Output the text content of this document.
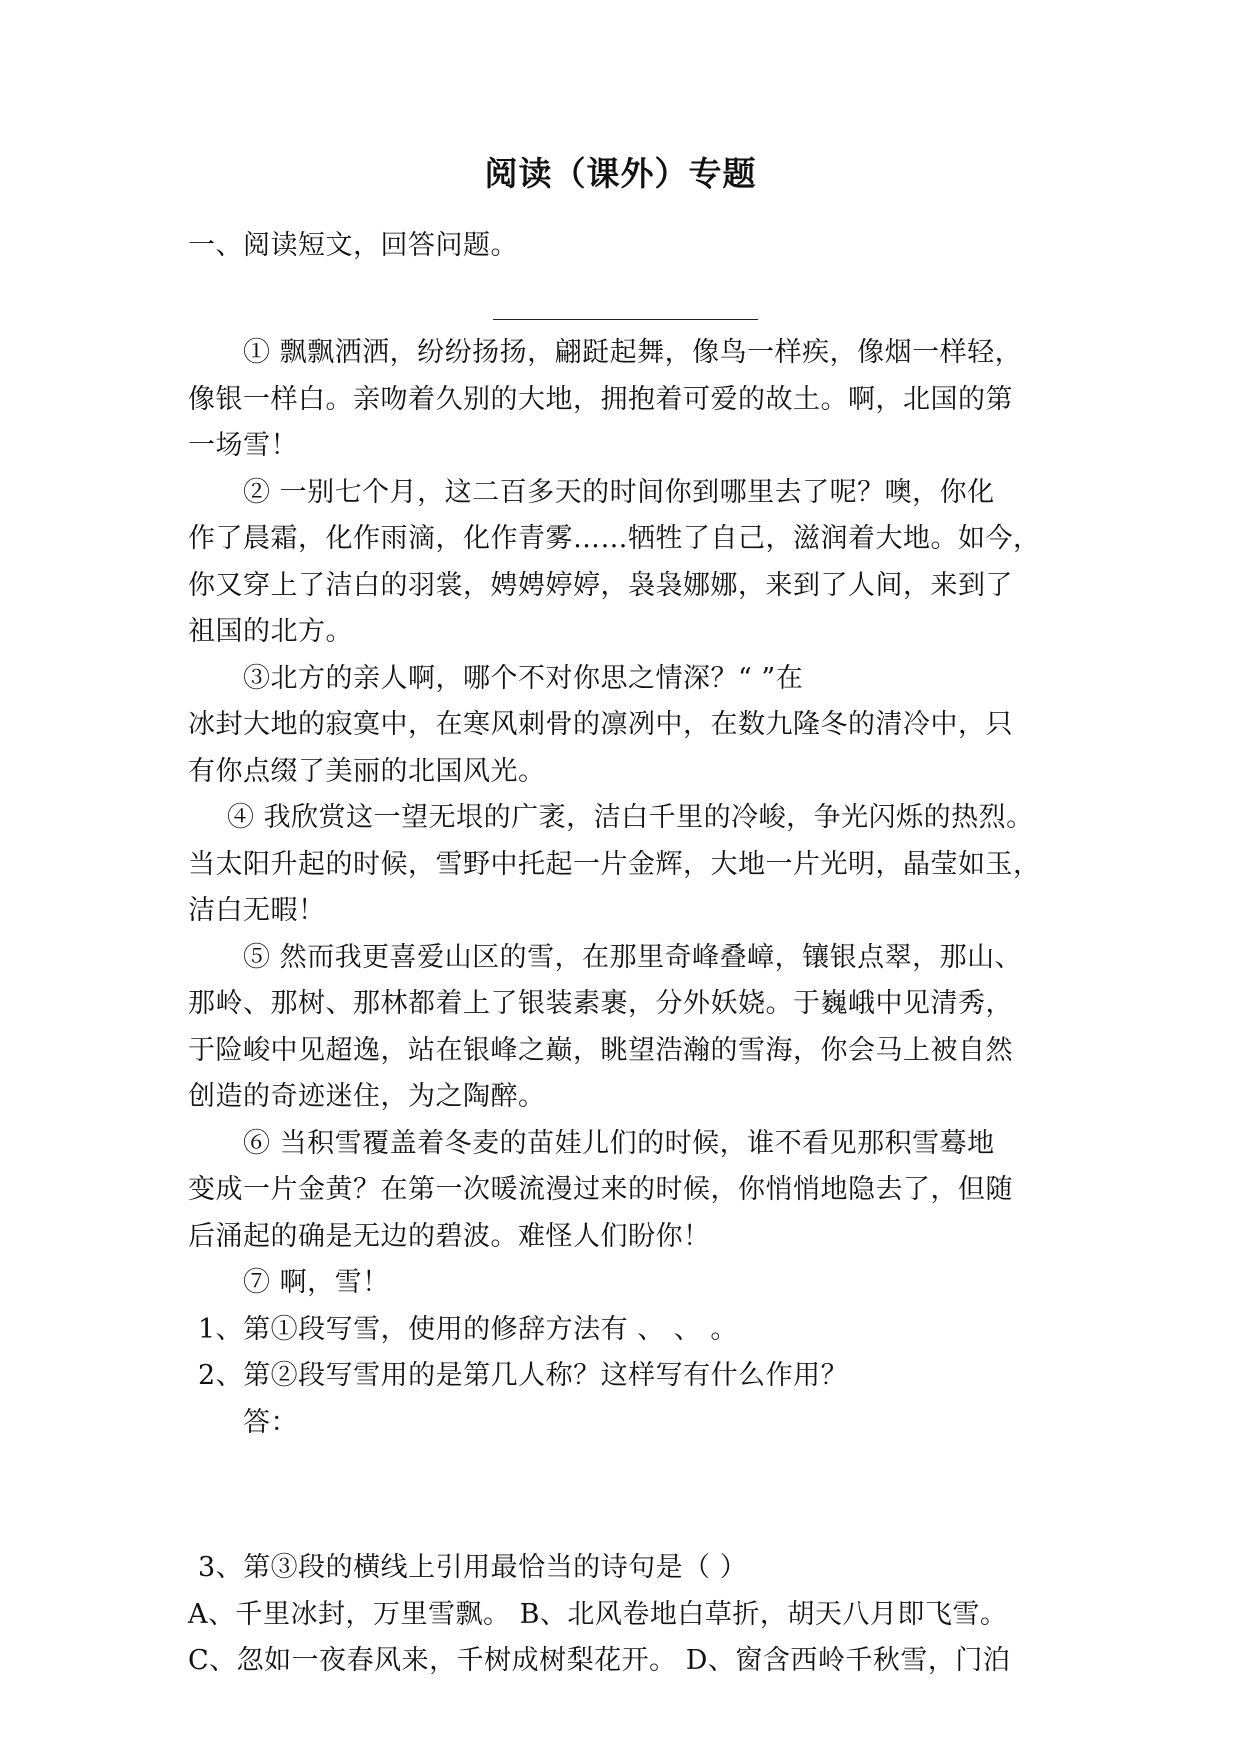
阅读（课外）专题
一、阅读短文，回答问题。
① 飘飘洒洒，纷纷扬扬，翩跹起舞，像鸟一样疾，像烟一样轻，
像银一样白。亲吻着久别的大地，拥抱着可爱的故土。啊，北国的第
一场雪！
② 一别七个月，这二百多天的时间你到哪里去了呢？噢，你化
作了晨霜，化作雨滴，化作青雾……牺牲了自己，滋润着大地。如今，
你又穿上了洁白的羽裳，娉娉婷婷，袅袅娜娜，来到了人间，来到了
祖国的北方。
③北方的亲人啊，哪个不对你思之情深？“ ”在
冰封大地的寂寞中，在寒风刺骨的凛冽中，在数九隆冬的清冷中，只
有你点缀了美丽的北国风光。
④ 我欣赏这一望无垠的广袤，洁白千里的冷峻，争光闪烁的热烈。
当太阳升起的时候，雪野中托起一片金辉，大地一片光明，晶莹如玉，
洁白无暇！
⑤ 然而我更喜爱山区的雪，在那里奇峰叠嶂，镶银点翠，那山、
那岭、那树、那林都着上了银装素裹，分外妖娆。于巍峨中见清秀，
于险峻中见超逸，站在银峰之巅，眺望浩瀚的雪海，你会马上被自然
创造的奇迹迷住，为之陶醉。
⑥ 当积雪覆盖着冬麦的苗娃儿们的时候，谁不看见那积雪蓦地
变成一片金黄？在第一次暖流漫过来的时候，你悄悄地隐去了，但随
后涌起的确是无边的碧波。难怪人们盼你！
⑦ 啊，雪！
1、第①段写雪，使用的修辞方法有 、 、 。
2、第②段写雪用的是第几人称？这样写有什么作用？
答：
3、第③段的横线上引用最恰当的诗句是（ ）
A、千里冰封，万里雪飘。 B、北风卷地白草折，胡天八月即飞雪。
C、忽如一夜春风来，千树成树梨花开。 D、窗含西岭千秋雪，门泊
